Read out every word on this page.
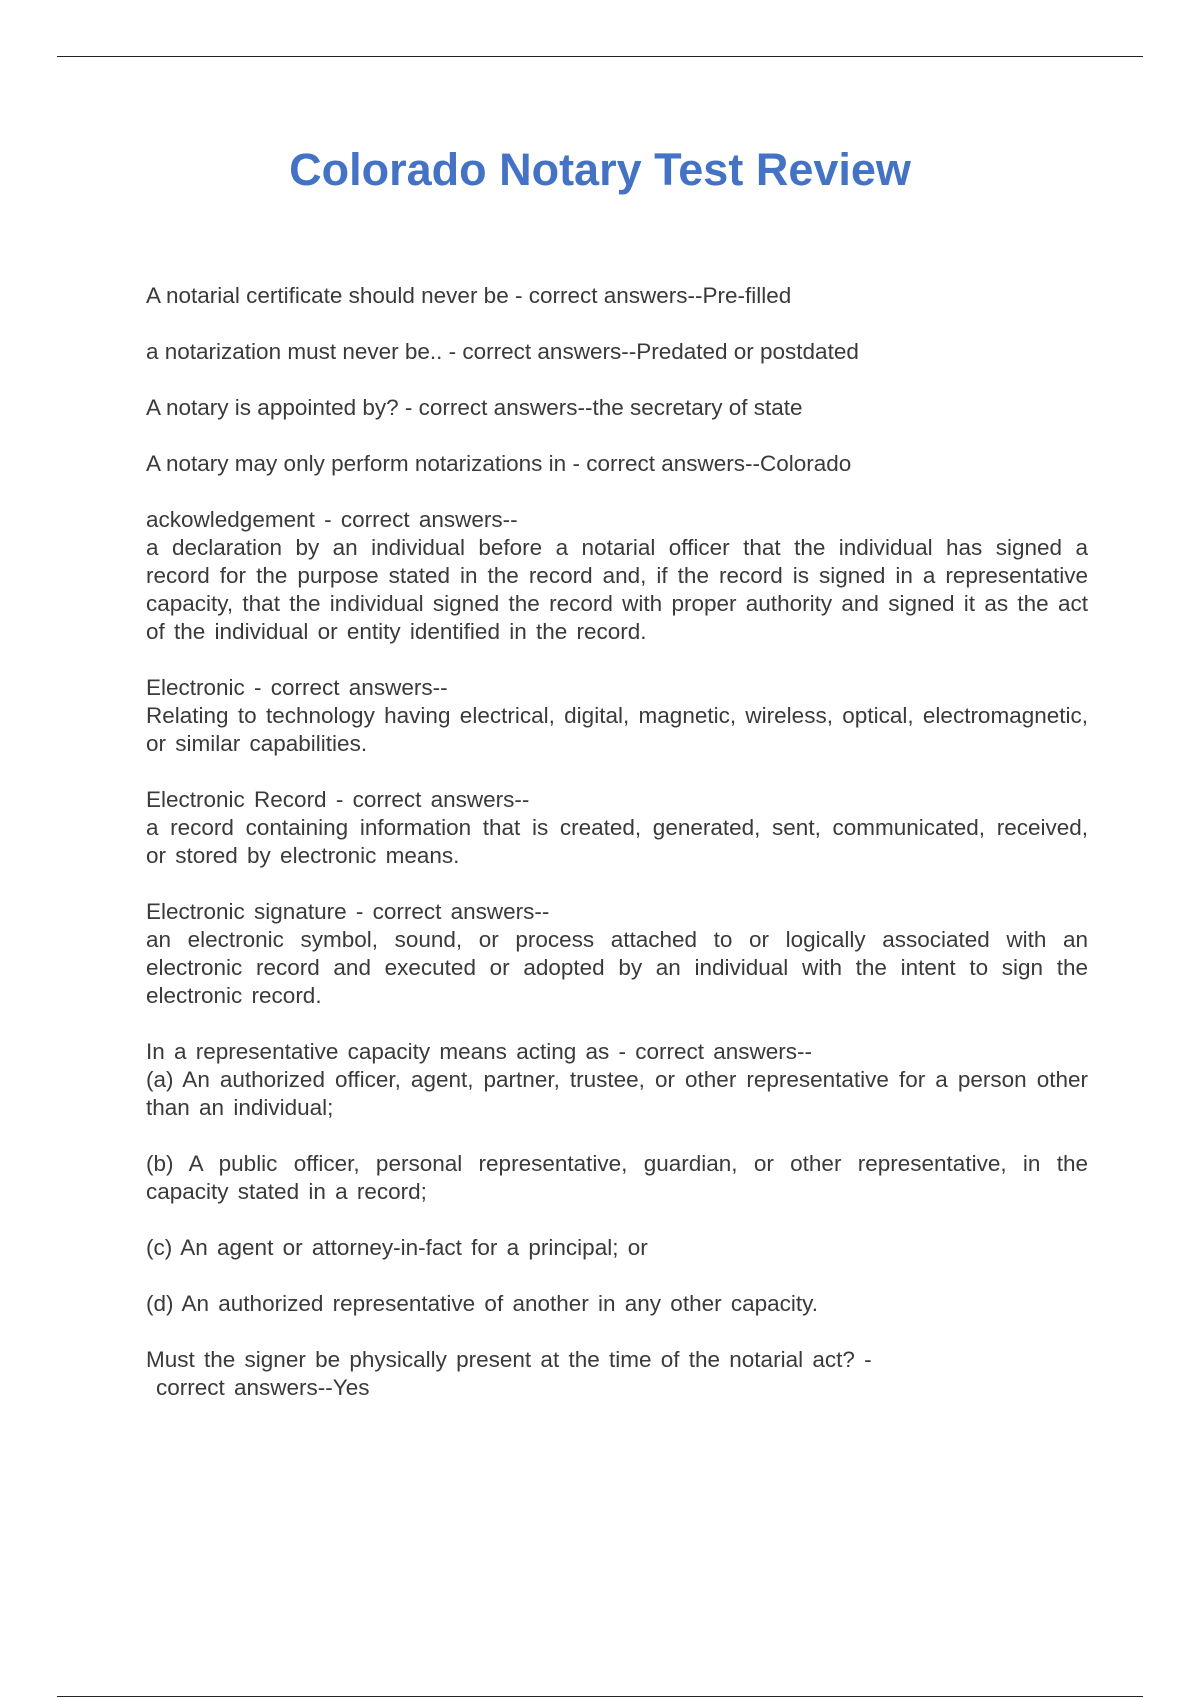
Colorado Notary Test Review

A notarial certificate should never be - correct answers--Pre-filled

a notarization must never be.. - correct answers--Predated or postdated

A notary is appointed by? - correct answers--the secretary of state

A notary may only perform notarizations in - correct answers--Colorado

ackowledgement - correct answers--

a declaration by an individual before a notarial officer that the individual has signed a record for the purpose stated in the record and, if the record is signed in a representative capacity, that the individual signed the record with proper authority and signed it as the act of the individual or entity identified in the record.

Electronic - correct answers--

Relating to technology having electrical, digital, magnetic, wireless, optical, electromagnetic, or similar capabilities.

Electronic Record - correct answers--

a record containing information that is created, generated, sent, communicated, received, or stored by electronic means.

Electronic signature - correct answers--

an electronic symbol, sound, or process attached to or logically associated with an electronic record and executed or adopted by an individual with the intent to sign the electronic record.

In a representative capacity means acting as - correct answers--

(a) An authorized officer, agent, partner, trustee, or other representative for a person other than an individual;

(b) A public officer, personal representative, guardian, or other representative, in the capacity stated in a record;

(c) An agent or attorney-in-fact for a principal; or

(d) An authorized representative of another in any other capacity.

Must the signer be physically present at the time of the notarial act? -

correct answers--Yes
